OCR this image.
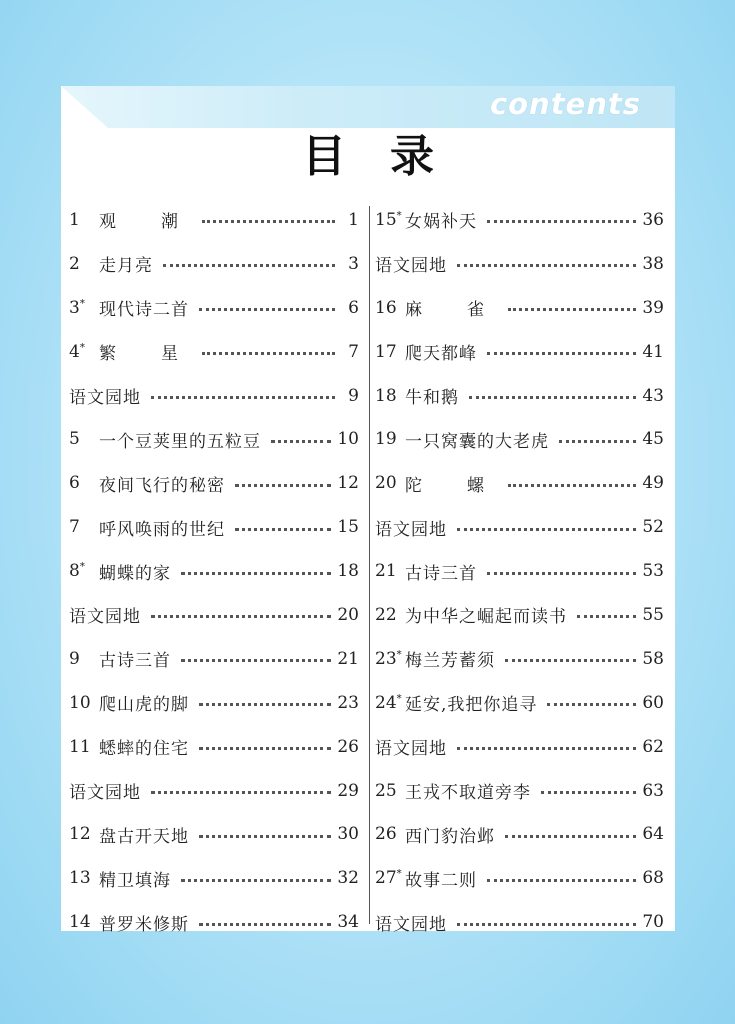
contents
目录
1	观　潮	1
2	走月亮	3
3* 现代诗二首	6
4* 繁　星	7
语文园地	9
5	一个豆荚里的五粒豆	10
6	夜间飞行的秘密	12
7	呼风唤雨的世纪	15
8* 蝴蝶的家	18
语文园地	20
9	古诗三首	21
10 爬山虎的脚	23
11 蟋蟀的住宅	26
语文园地	29
12 盘古开天地	30
13 精卫填海	32
14 普罗米修斯	34
15* 女娲补天	36
语文园地	38
16 麻　雀	39
17 爬天都峰	41
18 牛和鹅	43
19 一只窝囊的大老虎	45
20 陀　螺	49
语文园地	52
21 古诗三首	53
22 为中华之崛起而读书	55
23* 梅兰芳蓄须	58
24* 延安,我把你追寻	60
语文园地	62
25 王戎不取道旁李	63
26 西门豹治邺	64
27* 故事二则	68
语文园地	70
